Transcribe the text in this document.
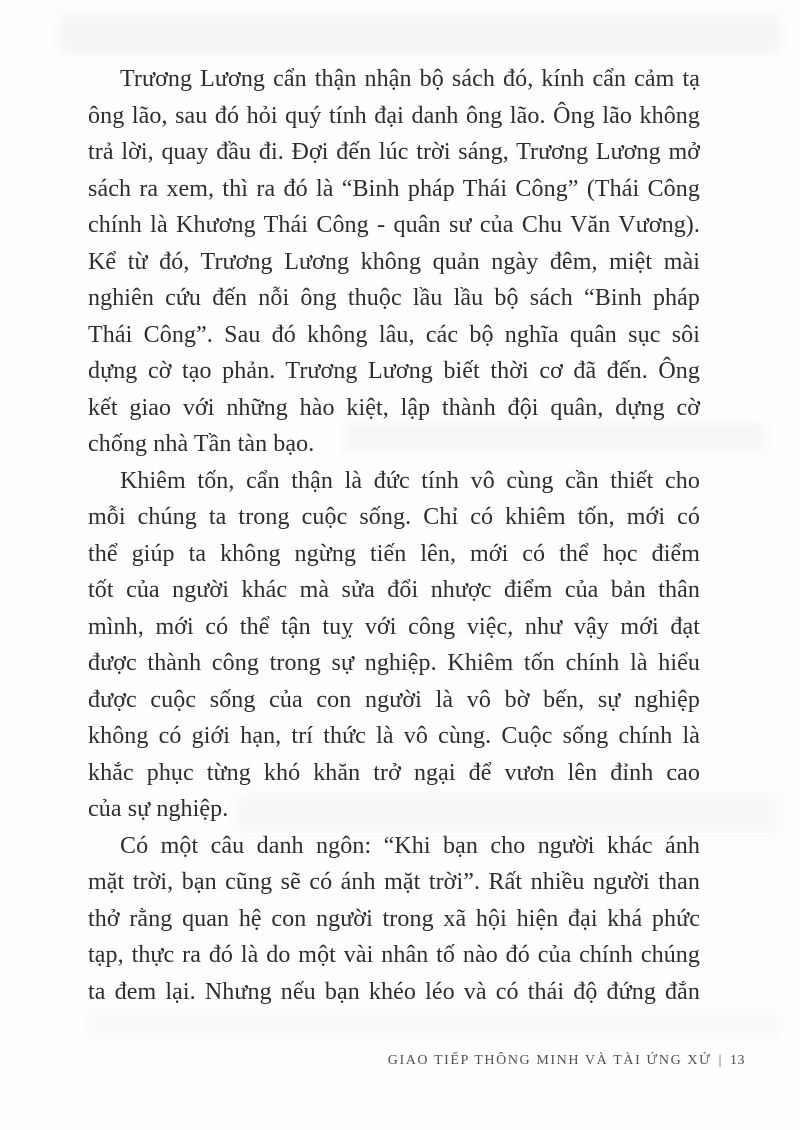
Trương Lương cẩn thận nhận bộ sách đó, kính cẩn cảm tạ
ông lão, sau đó hỏi quý tính đại danh ông lão. Ông lão không
trả lời, quay đầu đi. Đợi đến lúc trời sáng, Trương Lương mở
sách ra xem, thì ra đó là “Binh pháp Thái Công” (Thái Công
chính là Khương Thái Công - quân sư của Chu Văn Vương).
Kể từ đó, Trương Lương không quản ngày đêm, miệt mài
nghiên cứu đến nỗi ông thuộc lầu lầu bộ sách “Binh pháp
Thái Công”. Sau đó không lâu, các bộ nghĩa quân sục sôi
dựng cờ tạo phản. Trương Lương biết thời cơ đã đến. Ông
kết giao với những hào kiệt, lập thành đội quân, dựng cờ
chống nhà Tần tàn bạo.
Khiêm tốn, cẩn thận là đức tính vô cùng cần thiết cho
mỗi chúng ta trong cuộc sống. Chỉ có khiêm tốn, mới có
thể giúp ta không ngừng tiến lên, mới có thể học điểm
tốt của người khác mà sửa đổi nhược điểm của bản thân
mình, mới có thể tận tuỵ với công việc, như vậy mới đạt
được thành công trong sự nghiệp. Khiêm tốn chính là hiểu
được cuộc sống của con người là vô bờ bến, sự nghiệp
không có giới hạn, trí thức là vô cùng. Cuộc sống chính là
khắc phục từng khó khăn trở ngại để vươn lên đỉnh cao
của sự nghiệp.
Có một câu danh ngôn: “Khi bạn cho người khác ánh
mặt trời, bạn cũng sẽ có ánh mặt trời”. Rất nhiều người than
thở rằng quan hệ con người trong xã hội hiện đại khá phức
tạp, thực ra đó là do một vài nhân tố nào đó của chính chúng
ta đem lại. Nhưng nếu bạn khéo léo và có thái độ đứng đắn
GIAO TIẾP THÔNG MINH VÀ TÀI ỨNG XỬ | 13
